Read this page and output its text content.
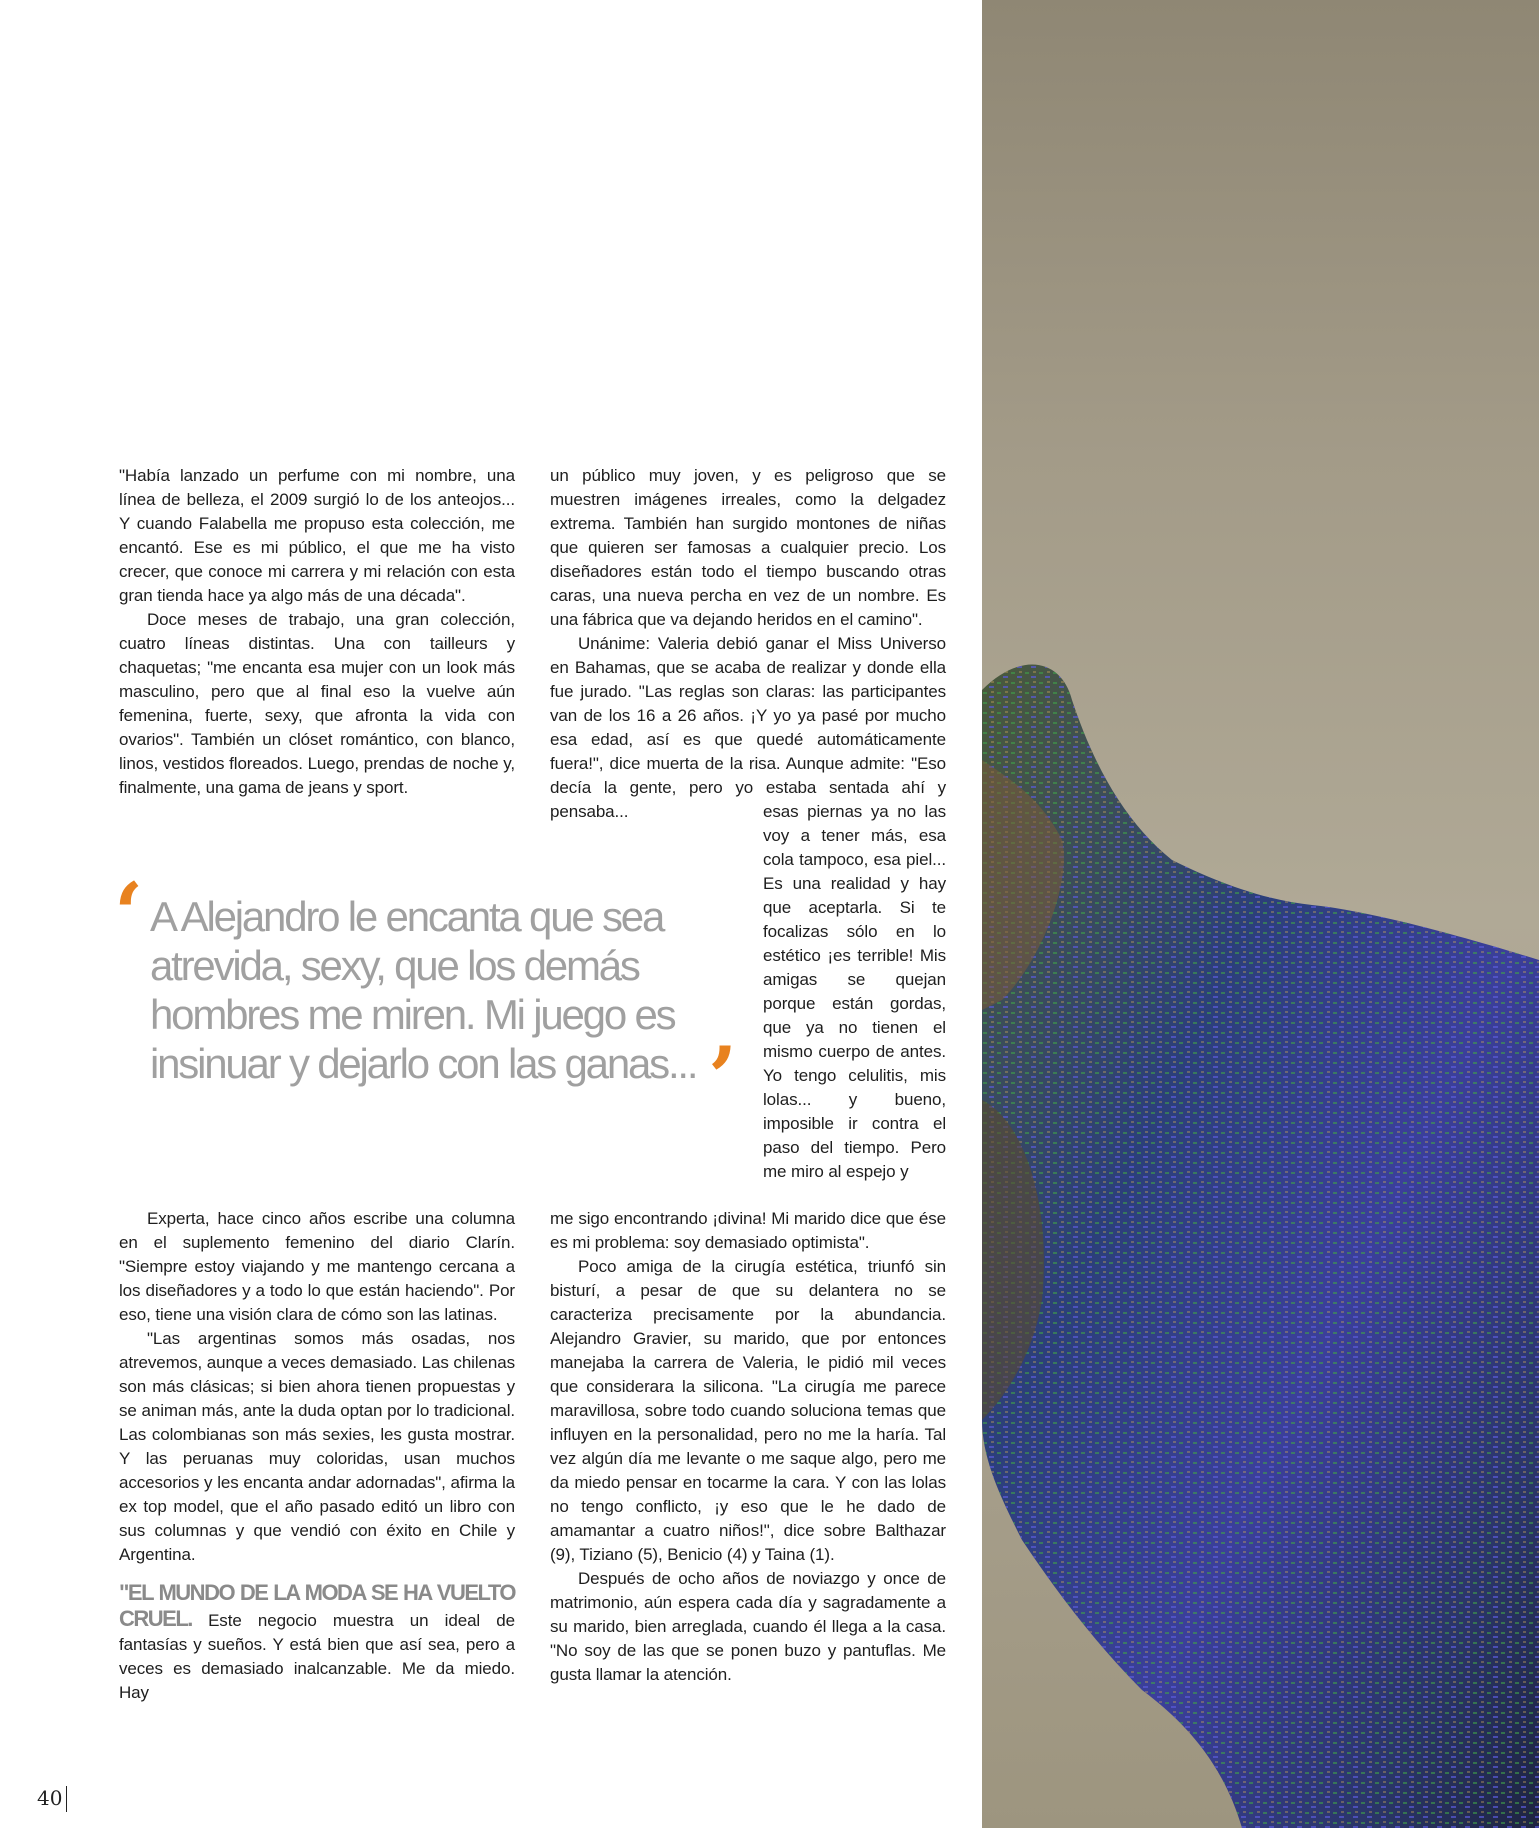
"Había lanzado un perfume con mi nombre, una línea de belleza, el 2009 surgió lo de los anteojos... Y cuando Falabella me propuso esta colección, me encantó. Ese es mi público, el que me ha visto crecer, que conoce mi carrera y mi relación con esta gran tienda hace ya algo más de una década".

Doce meses de trabajo, una gran colección, cuatro líneas distintas. Una con tailleurs y chaquetas; "me encanta esa mujer con un look más masculino, pero que al final eso la vuelve aún femenina, fuerte, sexy, que afronta la vida con ovarios". También un clóset romántico, con blanco, linos, vestidos floreados. Luego, prendas de noche y, finalmente, una gama de jeans y sport.

‘ A Alejandro le encanta que sea atrevida, sexy, que los demás hombres me miren. Mi juego es insinuar y dejarlo con las ganas... ’

Experta, hace cinco años escribe una columna en el suplemento femenino del diario Clarín. "Siempre estoy viajando y me mantengo cercana a los diseñadores y a todo lo que están haciendo". Por eso, tiene una visión clara de cómo son las latinas.

"Las argentinas somos más osadas, nos atrevemos, aunque a veces demasiado. Las chilenas son más clásicas; si bien ahora tienen propuestas y se animan más, ante la duda optan por lo tradicional. Las colombianas son más sexies, les gusta mostrar. Y las peruanas muy coloridas, usan muchos accesorios y les encanta andar adornadas", afirma la ex top model, que el año pasado editó un libro con sus columnas y que vendió con éxito en Chile y Argentina.

"EL MUNDO DE LA MODA SE HA VUELTO CRUEL. Este negocio muestra un ideal de fantasías y sueños. Y está bien que así sea, pero a veces es demasiado inalcanzable. Me da miedo. Hay

un público muy joven, y es peligroso que se muestren imágenes irreales, como la delgadez extrema. También han surgido montones de niñas que quieren ser famosas a cualquier precio. Los diseñadores están todo el tiempo buscando otras caras, una nueva percha en vez de un nombre. Es una fábrica que va dejando heridos en el camino".

Unánime: Valeria debió ganar el Miss Universo en Bahamas, que se acaba de realizar y donde ella fue jurado. "Las reglas son claras: las participantes van de los 16 a 26 años. ¡Y yo ya pasé por mucho esa edad, así es que quedé automáticamente fuera!", dice muerta de la risa. Aunque admite: "Eso decía la gente, pero yo estaba sentada ahí y pensaba...	esas piernas ya no las voy a tener más, esa cola tampoco, esa piel... Es una realidad y hay que aceptarla. Si te focalizas sólo en lo estético ¡es terrible! Mis amigas se quejan porque están gordas, que ya no tienen el mismo cuerpo de antes. Yo tengo celulitis, mis lolas... y bueno, imposible ir contra el paso del tiempo. Pero me miro al espejo y

me sigo encontrando ¡divina! Mi marido dice que ése es mi problema: soy demasiado optimista".

Poco amiga de la cirugía estética, triunfó sin bisturí, a pesar de que su delantera no se caracteriza precisamente por la abundancia. Alejandro Gravier, su marido, que por entonces manejaba la carrera de Valeria, le pidió mil veces que considerara la silicona. "La cirugía me parece maravillosa, sobre todo cuando soluciona temas que influyen en la personalidad, pero no me la haría. Tal vez algún día me levante o me saque algo, pero me da miedo pensar en tocarme la cara. Y con las lolas no tengo conflicto, ¡y eso que le he dado de amamantar a cuatro niños!", dice sobre Balthazar (9), Tiziano (5), Benicio (4) y Taina (1).

Después de ocho años de noviazgo y once de matrimonio, aún espera cada día y sagradamente a su marido, bien arreglada, cuando él llega a la casa. "No soy de las que se ponen buzo y pantuflas. Me gusta llamar la atención.

40
